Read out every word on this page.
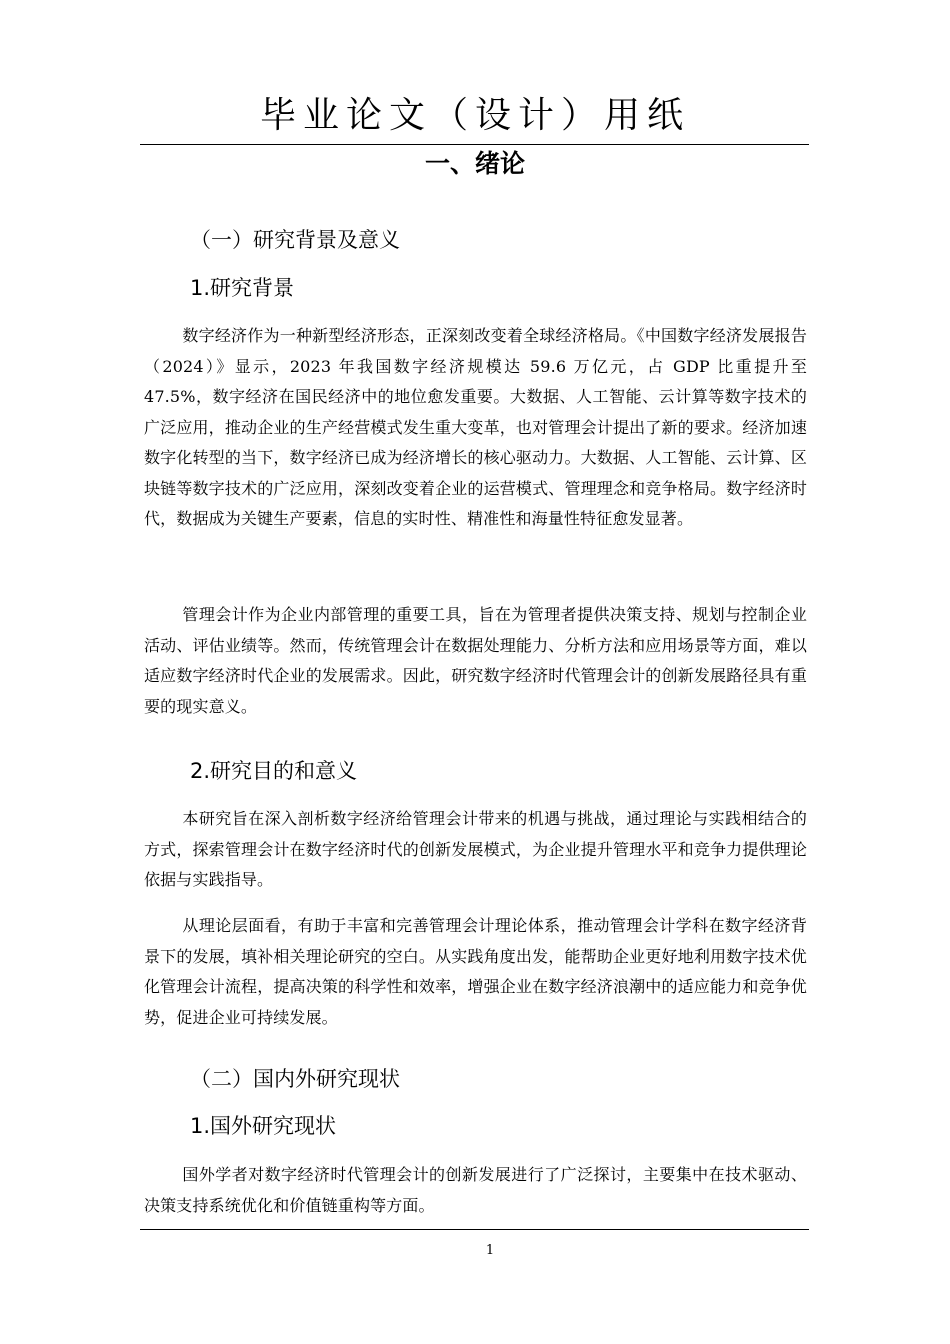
毕业论文（设计）用纸
一、绪论
（一）研究背景及意义
1.研究背景

数字经济作为一种新型经济形态，正深刻改变着全球经济格局。《中国数字经济发展报告（2024）》显示，2023 年我国数字经济规模达 59.6 万亿元，占 GDP 比重提升至 47.5%，数字经济在国民经济中的地位愈发重要。大数据、人工智能、云计算等数字技术的广泛应用，推动企业的生产经营模式发生重大变革，也对管理会计提出了新的要求。经济加速数字化转型的当下，数字经济已成为经济增长的核心驱动力。大数据、人工智能、云计算、区块链等数字技术的广泛应用，深刻改变着企业的运营模式、管理理念和竞争格局。数字经济时代，数据成为关键生产要素，信息的实时性、精准性和海量性特征愈发显著。

管理会计作为企业内部管理的重要工具，旨在为管理者提供决策支持、规划与控制企业活动、评估业绩等。然而，传统管理会计在数据处理能力、分析方法和应用场景等方面，难以适应数字经济时代企业的发展需求。因此，研究数字经济时代管理会计的创新发展路径具有重要的现实意义。

2.研究目的和意义

本研究旨在深入剖析数字经济给管理会计带来的机遇与挑战，通过理论与实践相结合的方式，探索管理会计在数字经济时代的创新发展模式，为企业提升管理水平和竞争力提供理论依据与实践指导。

从理论层面看，有助于丰富和完善管理会计理论体系，推动管理会计学科在数字经济背景下的发展，填补相关理论研究的空白。从实践角度出发，能帮助企业更好地利用数字技术优化管理会计流程，提高决策的科学性和效率，增强企业在数字经济浪潮中的适应能力和竞争优势，促进企业可持续发展。

（二）国内外研究现状
1.国外研究现状

国外学者对数字经济时代管理会计的创新发展进行了广泛探讨，主要集中在技术驱动、决策支持系统优化和价值链重构等方面。

1
